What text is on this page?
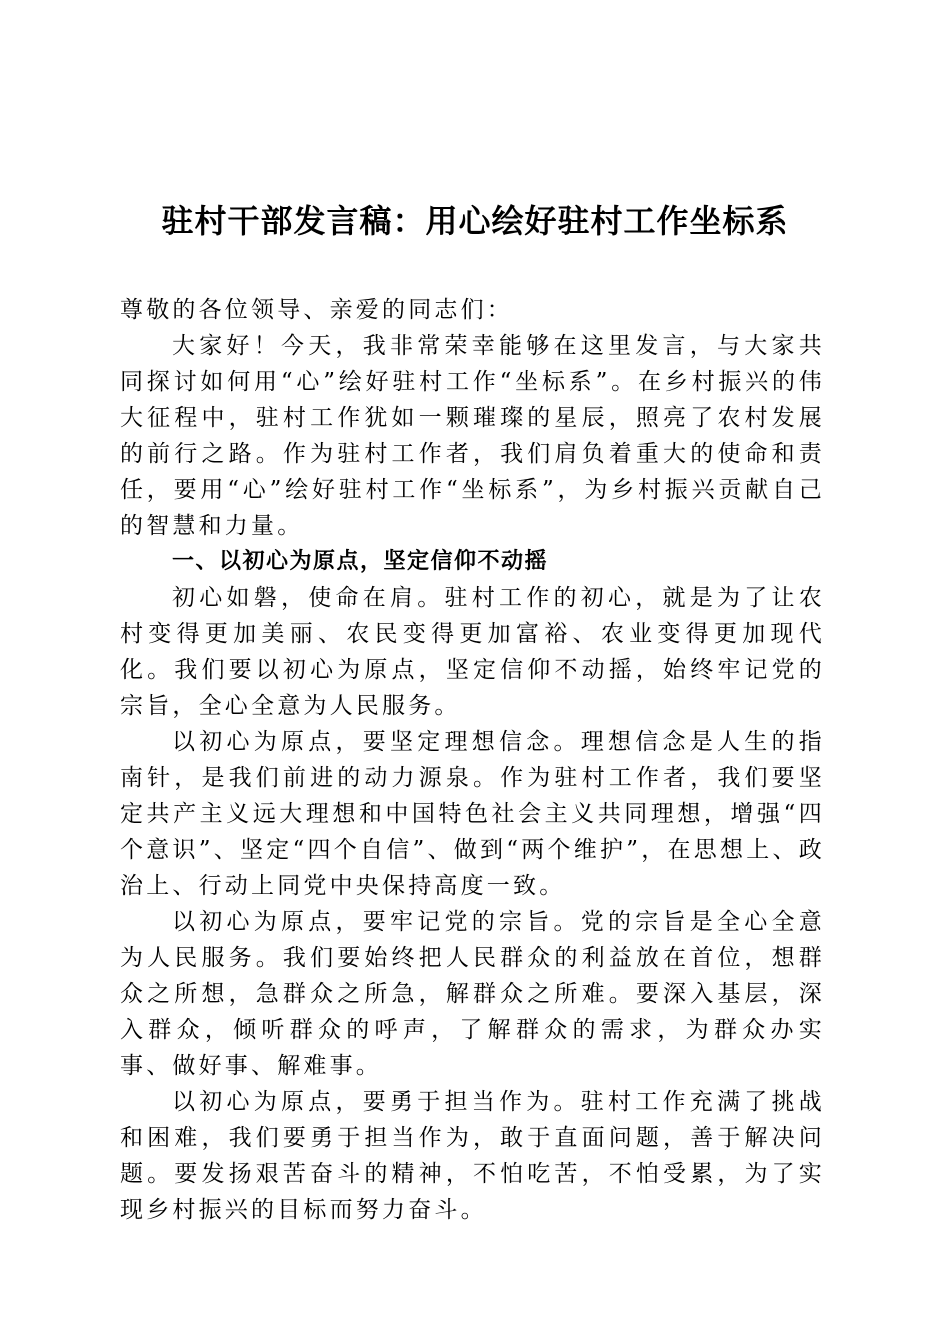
驻村干部发言稿：用心绘好驻村工作坐标系

尊敬的各位领导、亲爱的同志们：

大家好！今天，我非常荣幸能够在这里发言，与大家共同探讨如何用“心”绘好驻村工作“坐标系”。在乡村振兴的伟大征程中，驻村工作犹如一颗璀璨的星辰，照亮了农村发展的前行之路。作为驻村工作者，我们肩负着重大的使命和责任，要用“心”绘好驻村工作“坐标系”，为乡村振兴贡献自己的智慧和力量。

一、以初心为原点，坚定信仰不动摇

初心如磐，使命在肩。驻村工作的初心，就是为了让农村变得更加美丽、农民变得更加富裕、农业变得更加现代化。我们要以初心为原点，坚定信仰不动摇，始终牢记党的宗旨，全心全意为人民服务。

以初心为原点，要坚定理想信念。理想信念是人生的指南针，是我们前进的动力源泉。作为驻村工作者，我们要坚定共产主义远大理想和中国特色社会主义共同理想，增强“四个意识”、坚定“四个自信”、做到“两个维护”，在思想上、政治上、行动上同党中央保持高度一致。

以初心为原点，要牢记党的宗旨。党的宗旨是全心全意为人民服务。我们要始终把人民群众的利益放在首位，想群众之所想，急群众之所急，解群众之所难。要深入基层，深入群众，倾听群众的呼声，了解群众的需求，为群众办实事、做好事、解难事。

以初心为原点，要勇于担当作为。驻村工作充满了挑战和困难，我们要勇于担当作为，敢于直面问题，善于解决问题。要发扬艰苦奋斗的精神，不怕吃苦，不怕受累，为了实现乡村振兴的目标而努力奋斗。
